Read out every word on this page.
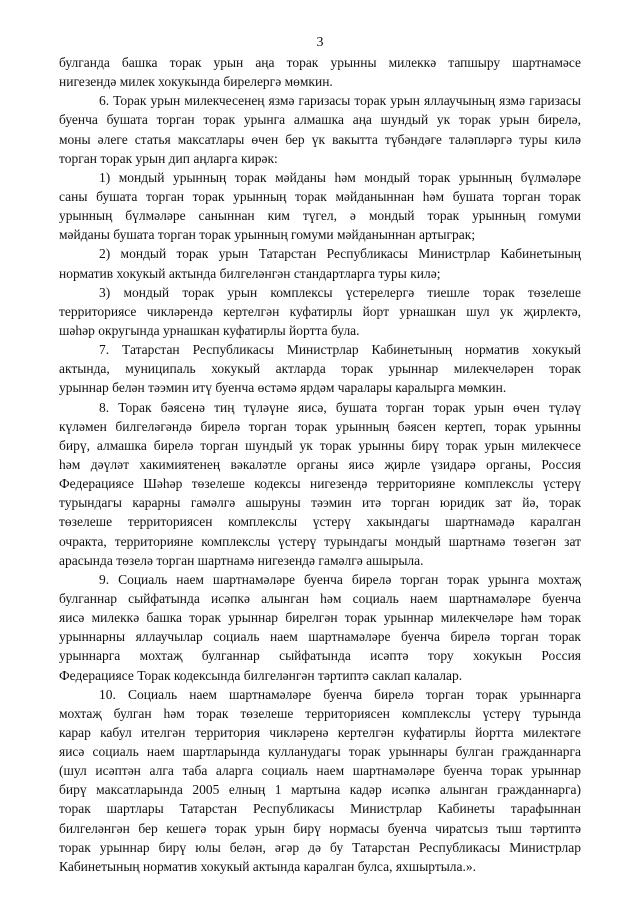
3
булганда башка торак урын аңа торак урынны милеккә тапшыру шартнамәсе
нигезендә милек хокукында бирелергә мөмкин.
6. Торак урын милекчесенең язмә гаризасы торак урын яллаучының язмә гаризасы
буенча бушата торган торак урынга алмашка аңа шундый ук торак урын бирелә,
моны әлеге статья максатлары өчен бер үк вакытта түбәндәге таләпләргә туры килә
торган торак урын дип аңларга кирәк:
1) мондый урынның торак мәйданы һәм мондый торак урынның бүлмәләре
саны бушата торган торак урынның торак мәйданыннан һәм бушата торган торак
урынның бүлмәләре саныннан ким түгел, ә мондый торак урынның гомуми
мәйданы бушата торган торак урынның гомуми мәйданыннан артыграк;
2) мондый торак урын Татарстан Республикасы Министрлар Кабинетының
норматив хокукый актында билгеләнгән стандартларга туры килә;
3) мондый торак урын комплексы үстерелергә тиешле торак төзелеше
территориясе чикләрендә кертелгән куфатирлы йорт урнашкан шул ук җирлектә,
шәһәр округында урнашкан куфатирлы йортта була.
7. Татарстан Республикасы Министрлар Кабинетының норматив хокукый
актында, муниципаль хокукый актларда торак урыннар милекчеләрен торак
урыннар белән тәэмин итү буенча өстәмә ярдәм чаралары каралырга мөмкин.
8. Торак бәясенә тиң түләүне яисә, бушата торган торак урын өчен түләү
күләмен билгеләгәндә бирелә торган торак урынның бәясен кертеп, торак урынны
бирү, алмашка бирелә торган шундый ук торак урынны бирү торак урын милекчесе
һәм дәүләт хакимиятенең вәкаләтле органы яисә җирле үзидарә органы, Россия
Федерациясе Шәһәр төзелеше кодексы нигезендә территорияне комплекслы үстерү
турындагы карарны гамәлгә ашыруны тәэмин итә торган юридик зат йә, торак
төзелеше территориясен комплекслы үстерү хакындагы шартнамәдә каралган
очракта, территорияне комплекслы үстерү турындагы мондый шартнамә төзегән зат
арасында төзелә торган шартнамә нигезендә гамәлгә ашырыла.
9. Социаль наем шартнамәләре буенча бирелә торган торак урынга мохтаҗ
булганнар сыйфатында исәпкә алынган һәм социаль наем шартнамәләре буенча
яисә милеккә башка торак урыннар бирелгән торак урыннар милекчеләре һәм торак
урыннарны яллаучылар социаль наем шартнамәләре буенча бирелә торган торак
урыннарга мохтаҗ булганнар сыйфатында исәптә тору хокукын Россия
Федерациясе Торак кодексында билгеләнгән тәртиптә саклап калалар.
10. Социаль наем шартнамәләре буенча бирелә торган торак урыннарга
мохтаҗ булган һәм торак төзелеше территориясен комплекслы үстерү турында
карар кабул ителгән территория чикләренә кертелгән куфатирлы йортта милектәге
яисә социаль наем шартларында кулланудагы торак урыннары булган гражданнарга
(шул исәптән алга таба аларга социаль наем шартнамәләре буенча торак урыннар
бирү максатларында 2005 елның 1 мартына кадәр исәпкә алынган гражданнарга)
торак шартлары Татарстан Республикасы Министрлар Кабинеты тарафыннан
билгеләнгән бер кешегә торак урын бирү нормасы буенча чиратсыз тыш тәртиптә
торак урыннар бирү юлы белән, әгәр дә бу Татарстан Республикасы Министрлар
Кабинетының норматив хокукый актында каралган булса, яхшыртыла.».
